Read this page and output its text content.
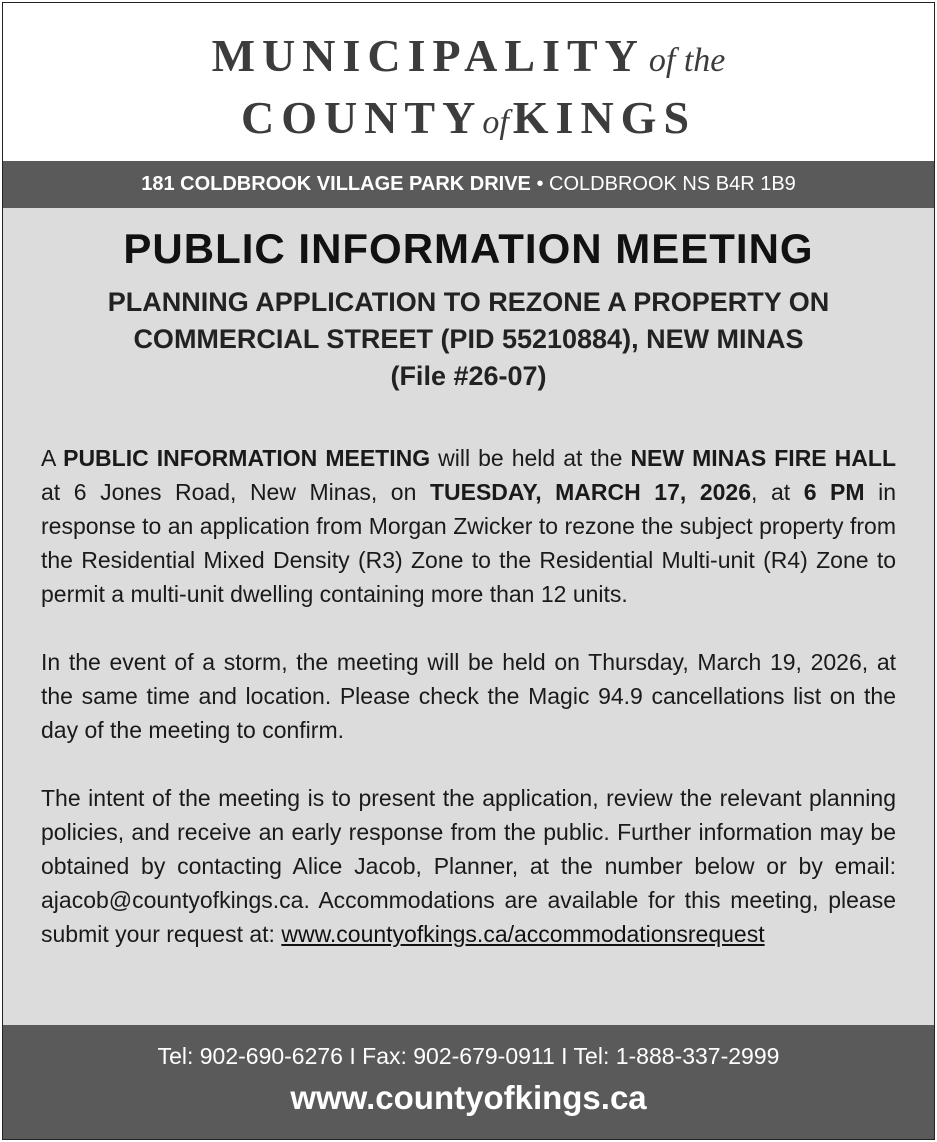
MUNICIPALITY of the
COUNTYof KINGS
181 COLDBROOK VILLAGE PARK DRIVE • COLDBROOK NS B4R 1B9
PUBLIC INFORMATION MEETING
PLANNING APPLICATION TO REZONE A PROPERTY ON
COMMERCIAL STREET (PID 55210884), NEW MINAS
(File #26-07)

A PUBLIC INFORMATION MEETING will be held at the NEW MINAS FIRE HALL at 6 Jones Road, New Minas, on TUESDAY, MARCH 17, 2026, at 6 PM in response to an application from Morgan Zwicker to rezone the subject property from the Residential Mixed Density (R3) Zone to the Residential Multi-unit (R4) Zone to permit a multi-unit dwelling containing more than 12 units.

In the event of a storm, the meeting will be held on Thursday, March 19, 2026, at the same time and location. Please check the Magic 94.9 cancellations list on the day of the meeting to confirm.

The intent of the meeting is to present the application, review the relevant planning policies, and receive an early response from the public. Further information may be obtained by contacting Alice Jacob, Planner, at the number below or by email: ajacob@countyofkings.ca. Accommodations are available for this meeting, please submit your request at: www.countyofkings.ca/accommodationsrequest

Tel: 902-690-6276 I Fax: 902-679-0911 I Tel: 1-888-337-2999
www.countyofkings.ca
